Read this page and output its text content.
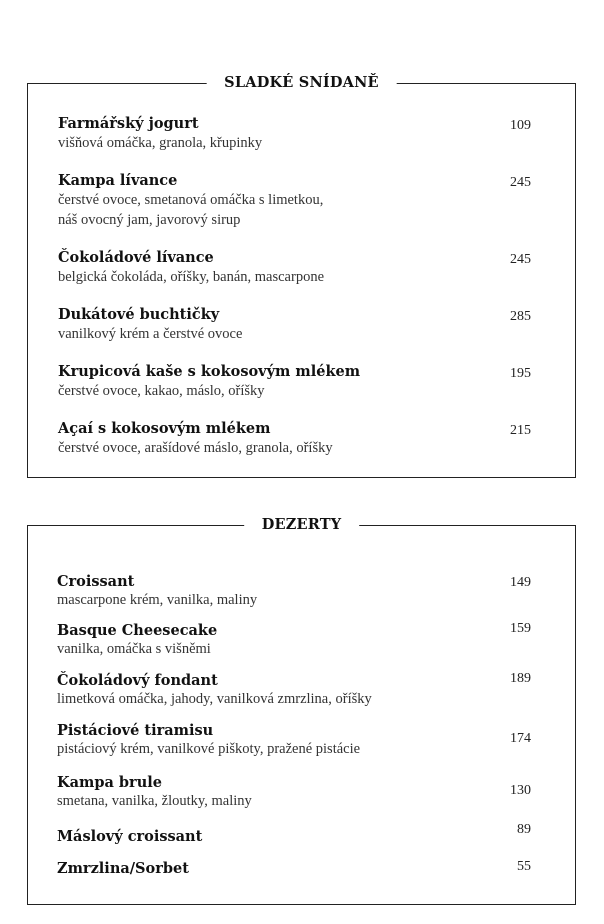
SLADKÉ SNÍDANĚ
Farmářský jogurt
višňová omáčka, granola, křupinky
109
Kampa lívance
čerstvé ovoce, smetanová omáčka s limetkou,
náš ovocný jam, javorový sirup
245
Čokoládové lívance
belgická čokoláda, oříšky, banán, mascarpone
245
Dukátové buchtičky
vanilkový krém a čerstvé ovoce
285
Krupicová kaše s kokosovým mlékem
čerstvé ovoce, kakao, máslo, oříšky
195
Açaí s kokosovým mlékem
čerstvé ovoce, arašídové máslo, granola, oříšky
215
DEZERTY
Croissant
mascarpone krém, vanilka, maliny
149
Basque Cheesecake
vanilka, omáčka s višněmi
159
Čokoládový fondant
limetková omáčka, jahody, vanilková zmrzlina, oříšky
189
Pistáciové tiramisu
pistáciový krém, vanilkové piškoty, pražené pistácie
174
Kampa brule
smetana, vanilka, žloutky, maliny
130
Máslový croissant	89
Zmrzlina/Sorbet	55
